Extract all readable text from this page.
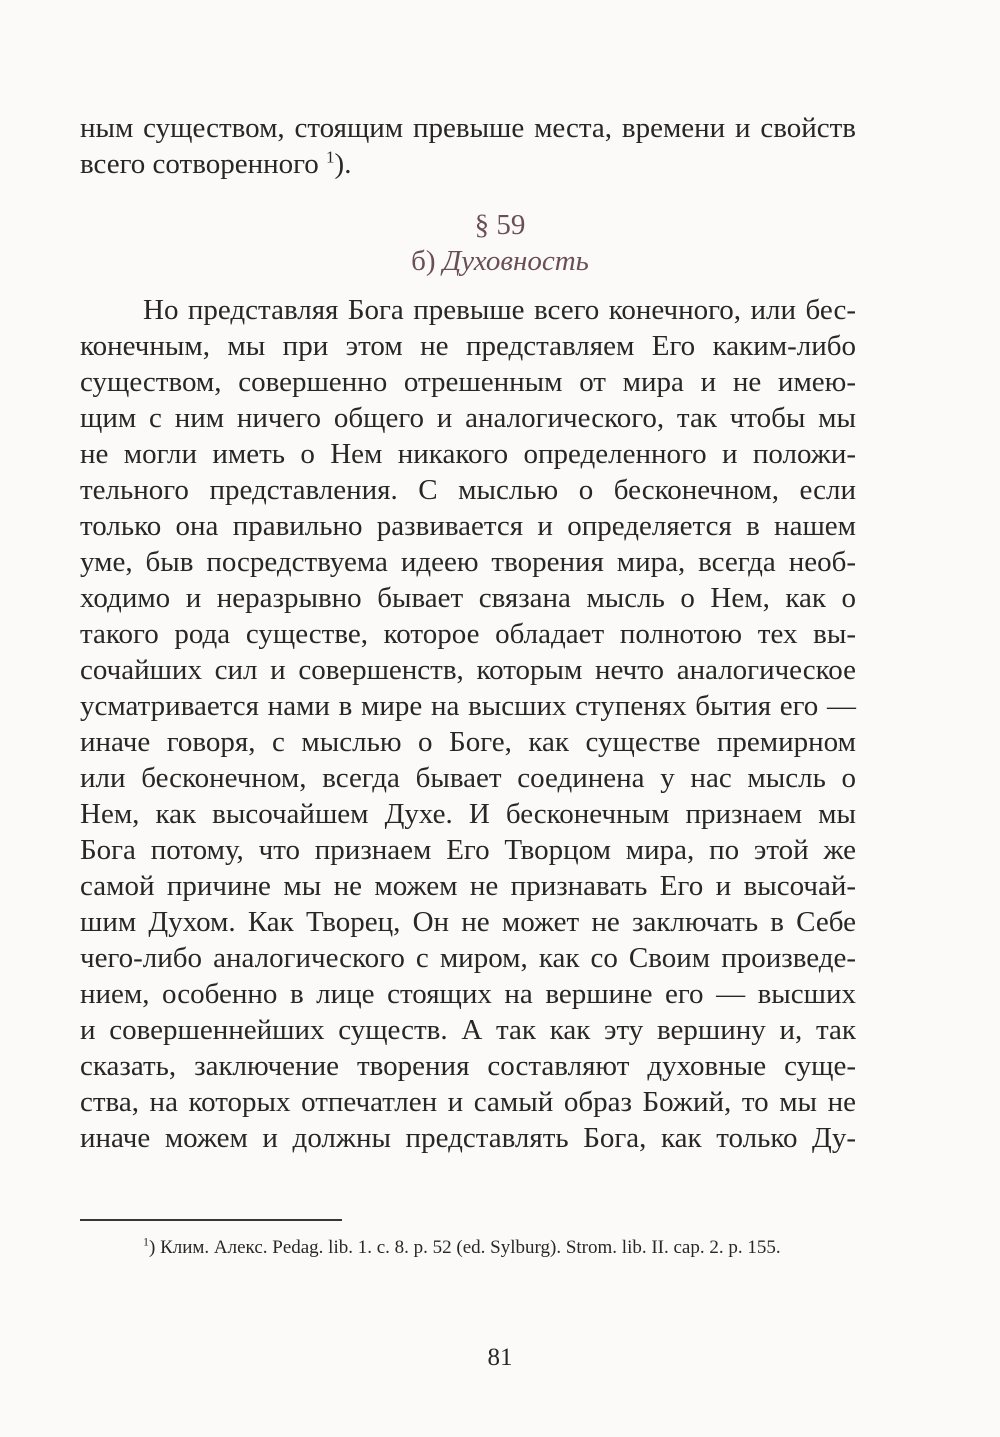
ным существом, стоящим превыше места, времени и свойств
всего сотворенного $^1$).
§ 59
б) Духовность
Но представляя Бога превыше всего конечного, или бес-
конечным, мы при этом не представляем Его каким-либо
существом, совершенно отрешенным от мира и не имею-
щим с ним ничего общего и аналогического, так чтобы мы
не могли иметь о Нем никакого определенного и положи-
тельного представления. С мыслью о бесконечном, если
только она правильно развивается и определяется в нашем
уме, быв посредствуема идеею творения мира, всегда необ-
ходимо и неразрывно бывает связана мысль о Нем, как о
такого рода существе, которое обладает полнотою тех вы-
сочайших сил и совершенств, которым нечто аналогическое
усматривается нами в мире на высших ступенях бытия его —
иначе говоря, с мыслью о Боге, как существе премирном
или бесконечном, всегда бывает соединена у нас мысль о
Нем, как высочайшем Духе. И бесконечным признаем мы
Бога потому, что признаем Его Творцом мира, по этой же
самой причине мы не можем не признавать Его и высочай-
шим Духом. Как Творец, Он не может не заключать в Себе
чего-либо аналогического с миром, как со Своим произведе-
нием, особенно в лице стоящих на вершине его — высших
и совершеннейших существ. А так как эту вершину и, так
сказать, заключение творения составляют духовные суще-
ства, на которых отпечатлен и самый образ Божий, то мы не
иначе можем и должны представлять Бога, как только Ду-
$^1$) Клим. Алекс. Pedag. lib. 1. c. 8. p. 52 (ed. Sylburg). Strom. lib. II. cap. 2. p. 155.
81
